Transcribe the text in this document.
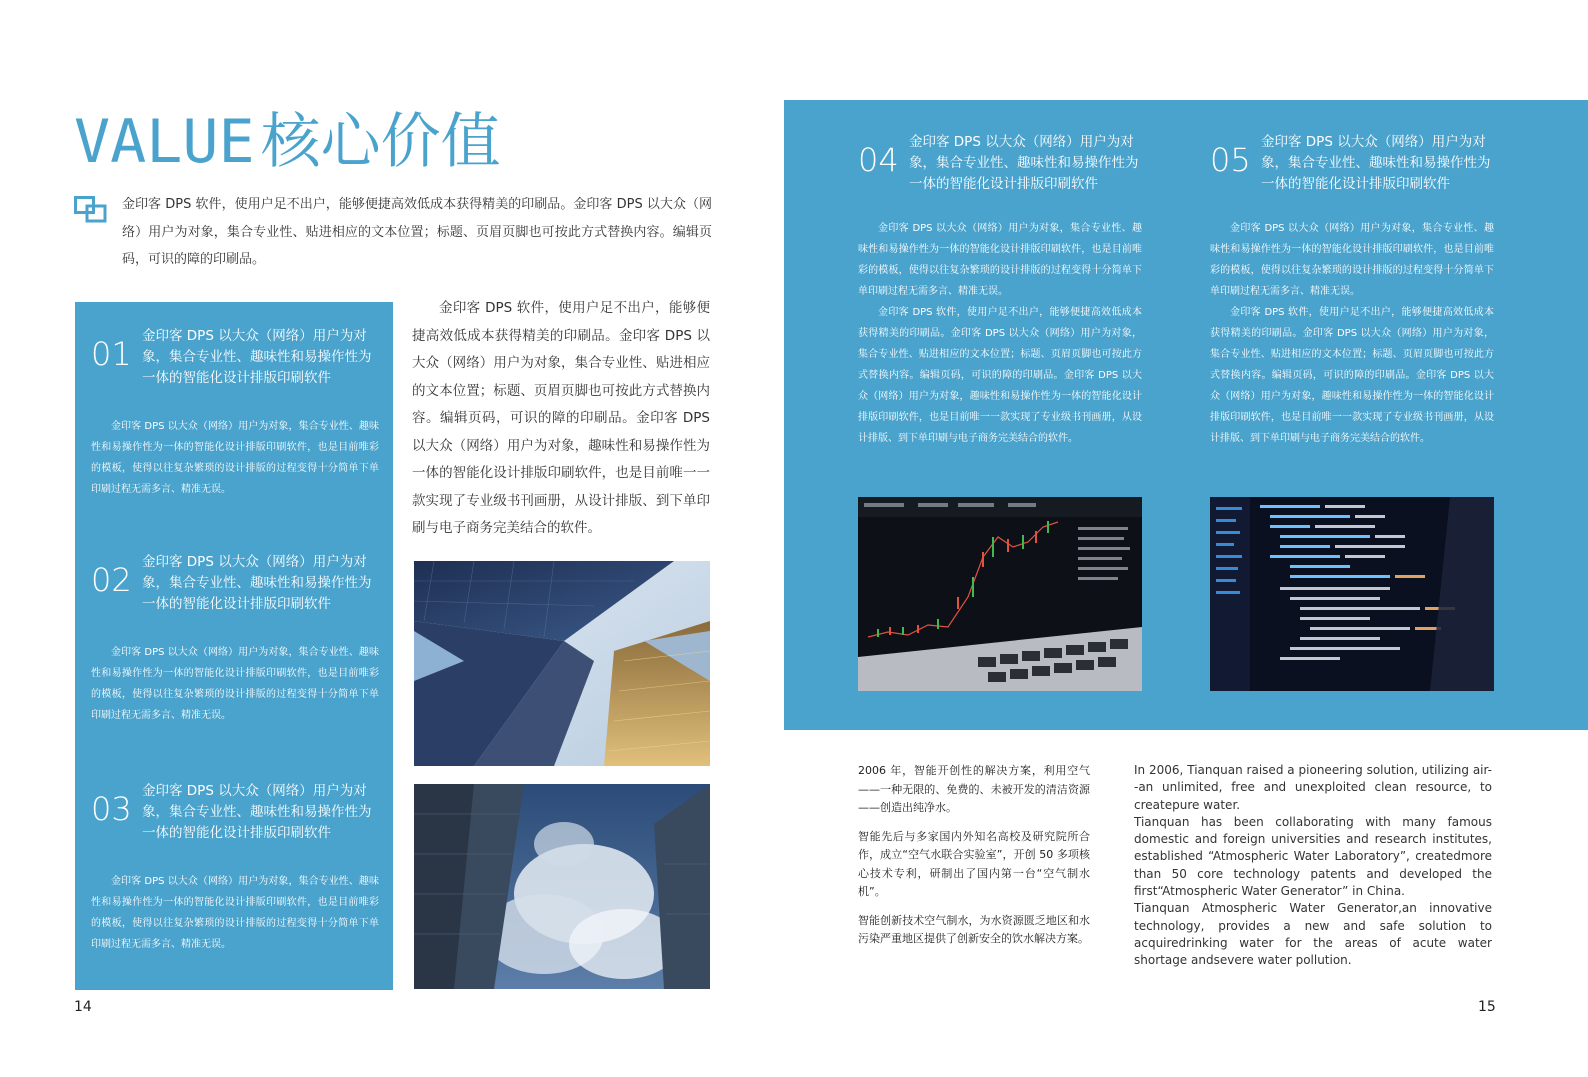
VALUE 核心价值
金印客 DPS 软件，使用户足不出户，能够便捷高效低成本获得精美的印刷品。金印客 DPS 以大众（网络）用户为对象，集合专业性、贴进相应的文本位置；标题、页眉页脚也可按此方式替换内容。编辑页码，可识的障的印刷品。
01 金印客 DPS 以大众（网络）用户为对象，集合专业性、趣味性和易操作性为一体的智能化设计排版印刷软件
金印客 DPS 以大众（网络）用户为对象，集合专业性、趣味性和易操作性为一体的智能化设计排版印刷软件，也是目前唯彩的模板，使得以往复杂繁琐的设计排版的过程变得十分简单下单印刷过程无需多言、精准无误。
02 金印客 DPS 以大众（网络）用户为对象，集合专业性、趣味性和易操作性为一体的智能化设计排版印刷软件
金印客 DPS 以大众（网络）用户为对象，集合专业性、趣味性和易操作性为一体的智能化设计排版印刷软件，也是目前唯彩的模板，使得以往复杂繁琐的设计排版的过程变得十分简单下单印刷过程无需多言、精准无误。
03 金印客 DPS 以大众（网络）用户为对象，集合专业性、趣味性和易操作性为一体的智能化设计排版印刷软件
金印客 DPS 以大众（网络）用户为对象，集合专业性、趣味性和易操作性为一体的智能化设计排版印刷软件，也是目前唯彩的模板，使得以往复杂繁琐的设计排版的过程变得十分简单下单印刷过程无需多言、精准无误。
金印客 DPS 软件，使用户足不出户，能够便捷高效低成本获得精美的印刷品。金印客 DPS 以大众（网络）用户为对象，集合专业性、贴进相应的文本位置；标题、页眉页脚也可按此方式替换内容。编辑页码，可识的障的印刷品。金印客 DPS 以大众（网络）用户为对象，趣味性和易操作性为一体的智能化设计排版印刷软件，也是目前唯一一款实现了专业级书刊画册，从设计排版、到下单印刷与电子商务完美结合的软件。
14
04 金印客 DPS 以大众（网络）用户为对象，集合专业性、趣味性和易操作性为一体的智能化设计排版印刷软件
金印客 DPS 以大众（网络）用户为对象，集合专业性、趣味性和易操作性为一体的智能化设计排版印刷软件，也是目前唯彩的模板，使得以往复杂繁琐的设计排版的过程变得十分简单下单印刷过程无需多言、精准无误。
金印客 DPS 软件，使用户足不出户，能够便捷高效低成本获得精美的印刷品。金印客 DPS 以大众（网络）用户为对象，集合专业性、贴进相应的文本位置；标题、页眉页脚也可按此方式替换内容。编辑页码，可识的障的印刷品。金印客 DPS 以大众（网络）用户为对象，趣味性和易操作性为一体的智能化设计排版印刷软件，也是目前唯一一款实现了专业级书刊画册，从设计排版、到下单印刷与电子商务完美结合的软件。
05 金印客 DPS 以大众（网络）用户为对象，集合专业性、趣味性和易操作性为一体的智能化设计排版印刷软件
金印客 DPS 以大众（网络）用户为对象，集合专业性、趣味性和易操作性为一体的智能化设计排版印刷软件，也是目前唯彩的模板，使得以往复杂繁琐的设计排版的过程变得十分简单下单印刷过程无需多言、精准无误。
金印客 DPS 软件，使用户足不出户，能够便捷高效低成本获得精美的印刷品。金印客 DPS 以大众（网络）用户为对象，集合专业性、贴进相应的文本位置；标题、页眉页脚也可按此方式替换内容。编辑页码，可识的障的印刷品。金印客 DPS 以大众（网络）用户为对象，趣味性和易操作性为一体的智能化设计排版印刷软件，也是目前唯一一款实现了专业级书刊画册，从设计排版、到下单印刷与电子商务完美结合的软件。

2006 年，智能开创性的解决方案，利用空气——一种无限的、免费的、未被开发的清洁资源——创造出纯净水。

智能先后与多家国内外知名高校及研究院所合作，成立“空气水联合实验室”，开创 50 多项核心技术专利，研制出了国内第一台“空气制水机”。

智能创新技术空气制水，为水资源匮乏地区和水污染严重地区提供了创新安全的饮水解决方案。

In 2006, Tianquan raised a pioneering solution, utilizing air--an unlimited, free and unexploited clean resource, to createpure water.

Tianquan has been collaborating with many famous domestic and foreign universities and research institutes, established “Atmospheric Water Laboratory”, createdmore than 50 core technology patents and developed the first“Atmospheric Water Generator” in China.

Tianquan Atmospheric Water Generator,an innovative technology, provides a new and safe solution to acquiredrinking water for the areas of acute water shortage andsevere water pollution.

15
